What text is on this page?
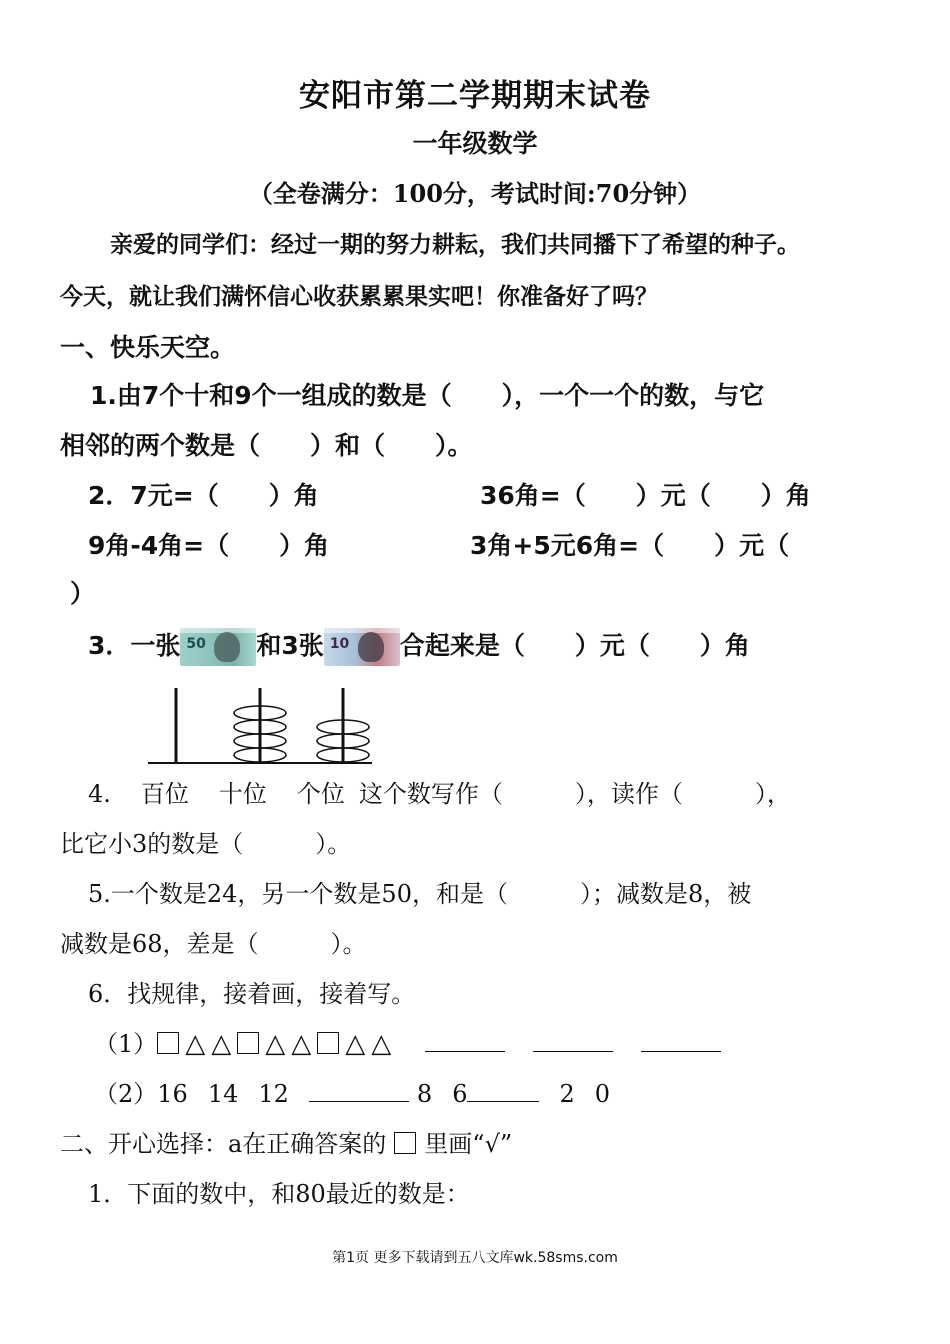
安阳市第二学期期末试卷
一年级数学
（全卷满分：100分，考试时间:70分钟）
亲爱的同学们：经过一期的努力耕耘，我们共同播下了希望的种子。
今天，就让我们满怀信心收获累累果实吧！你准备好了吗？
一、快乐天空。
1.由7个十和9个一组成的数是（　　），一个一个的数，与它
相邻的两个数是（　　）和（　　）。
2．7元=（　　）角	36角=（　　）元（　　）角
9角-4角=（　　）角	3角+5元6角=（　　）元（
）
3．一张 50 和3张 10 合起来是（　　）元（　　）角
4. 百位 十位 个位 这个数写作（　　　），读作（　　　），
比它小3的数是（　　　）。
5.一个数是24，另一个数是50，和是（　　　）；减数是8，被
减数是68，差是（　　　）。
6．找规律，接着画，接着写。
（1） △ △ △ △ △ △
（2）16 14 12	8 6	2 0
二、开心选择：a在正确答案的 里画“√”
1．下面的数中，和80最近的数是：
第1页 更多下载请到五八文库wk.58sms.com
